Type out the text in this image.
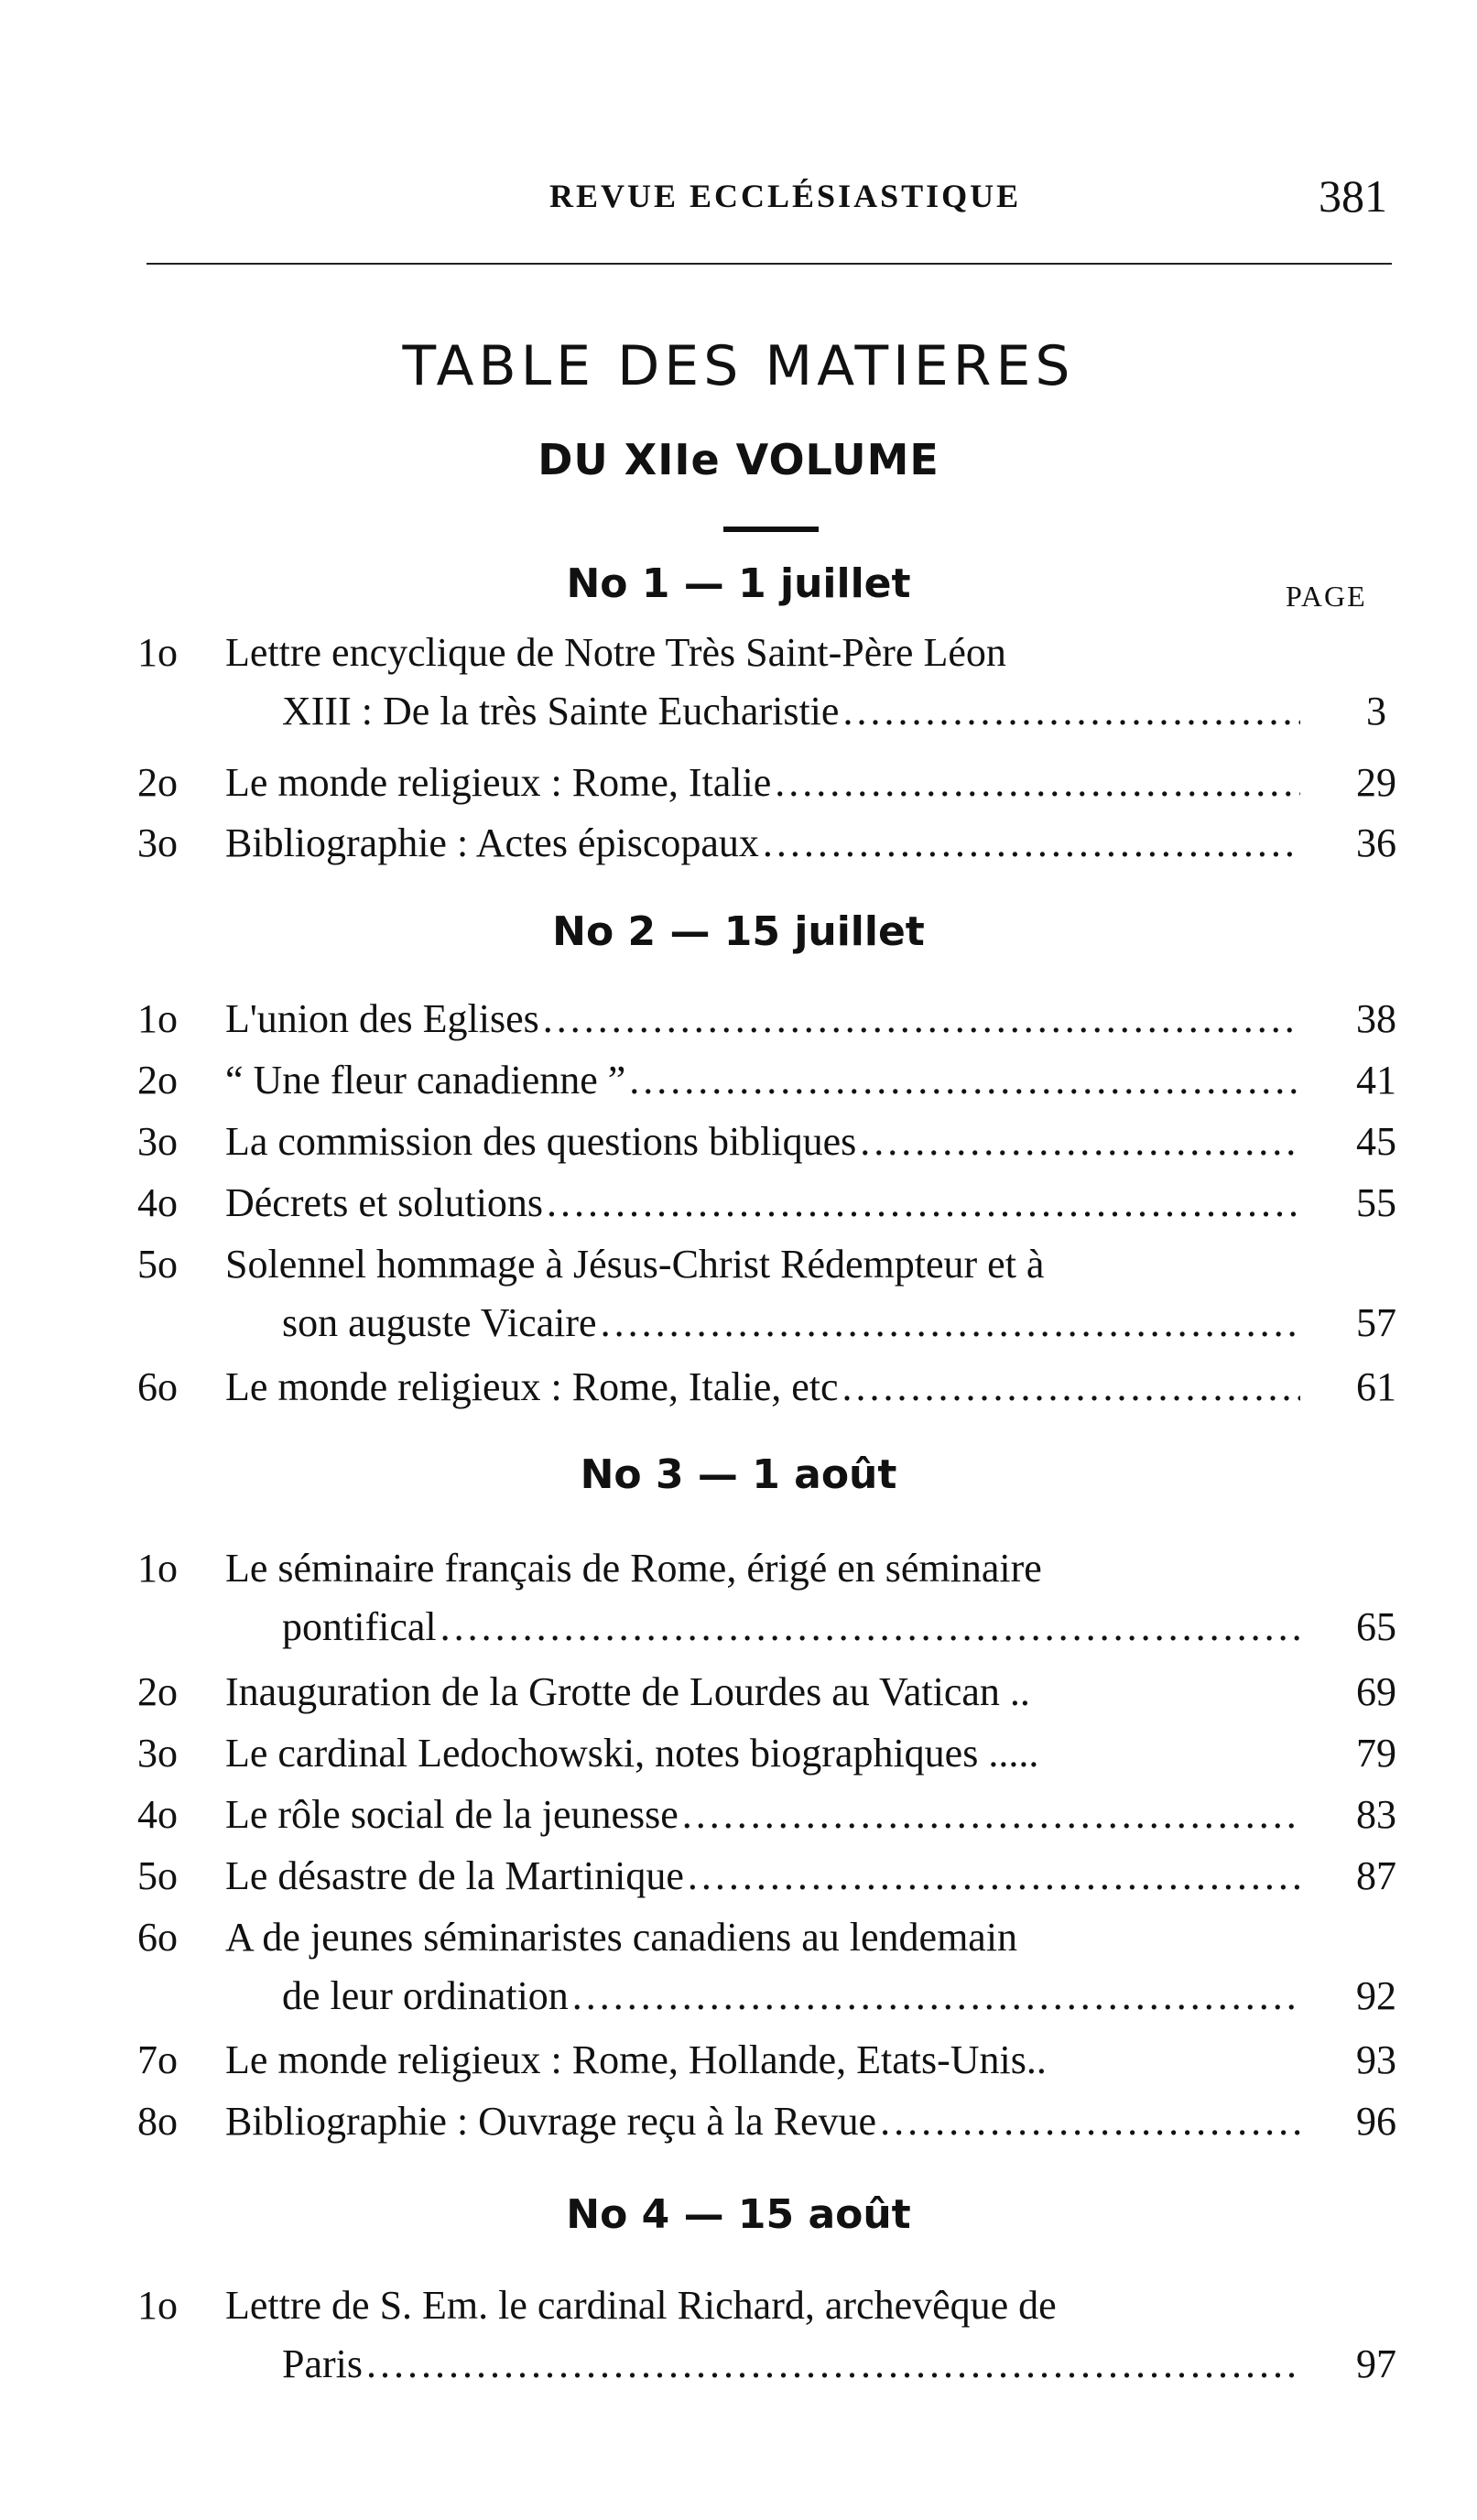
REVUE ECCLÉSIASTIQUE	381
TABLE DES MATIERES
DU XIIe VOLUME
PAGE
No 1 — 1 juillet
1o Lettre encyclique de Notre Très Saint-Père Léon
XIII : De la très Sainte Eucharistie .....	3
2o Le monde religieux : Rome, Italie .....	29
3o Bibliographie : Actes épiscopaux .....	36
No 2 — 15 juillet
1o L'union des Eglises .....	38
2o “ Une fleur canadienne ” .....	41
3o La commission des questions bibliques .....	45
4o Décrets et solutions .....	55
5o Solennel hommage à Jésus-Christ Rédempteur et à
son auguste Vicaire .....	57
6o Le monde religieux : Rome, Italie, etc .....	61
No 3 — 1 août
1o Le séminaire français de Rome, érigé en séminaire
pontifical .....	65
2o Inauguration de la Grotte de Lourdes au Vatican ..	69
3o Le cardinal Ledochowski, notes biographiques .....	79
4o Le rôle social de la jeunesse .....	83
5o Le désastre de la Martinique .....	87
6o A de jeunes séminaristes canadiens au lendemain
de leur ordination .....	92
7o Le monde religieux : Rome, Hollande, Etats-Unis..	93
8o Bibliographie : Ouvrage reçu à la Revue .....	96
No 4 — 15 août
1o Lettre de S. Em. le cardinal Richard, archevêque de
Paris .....	97
